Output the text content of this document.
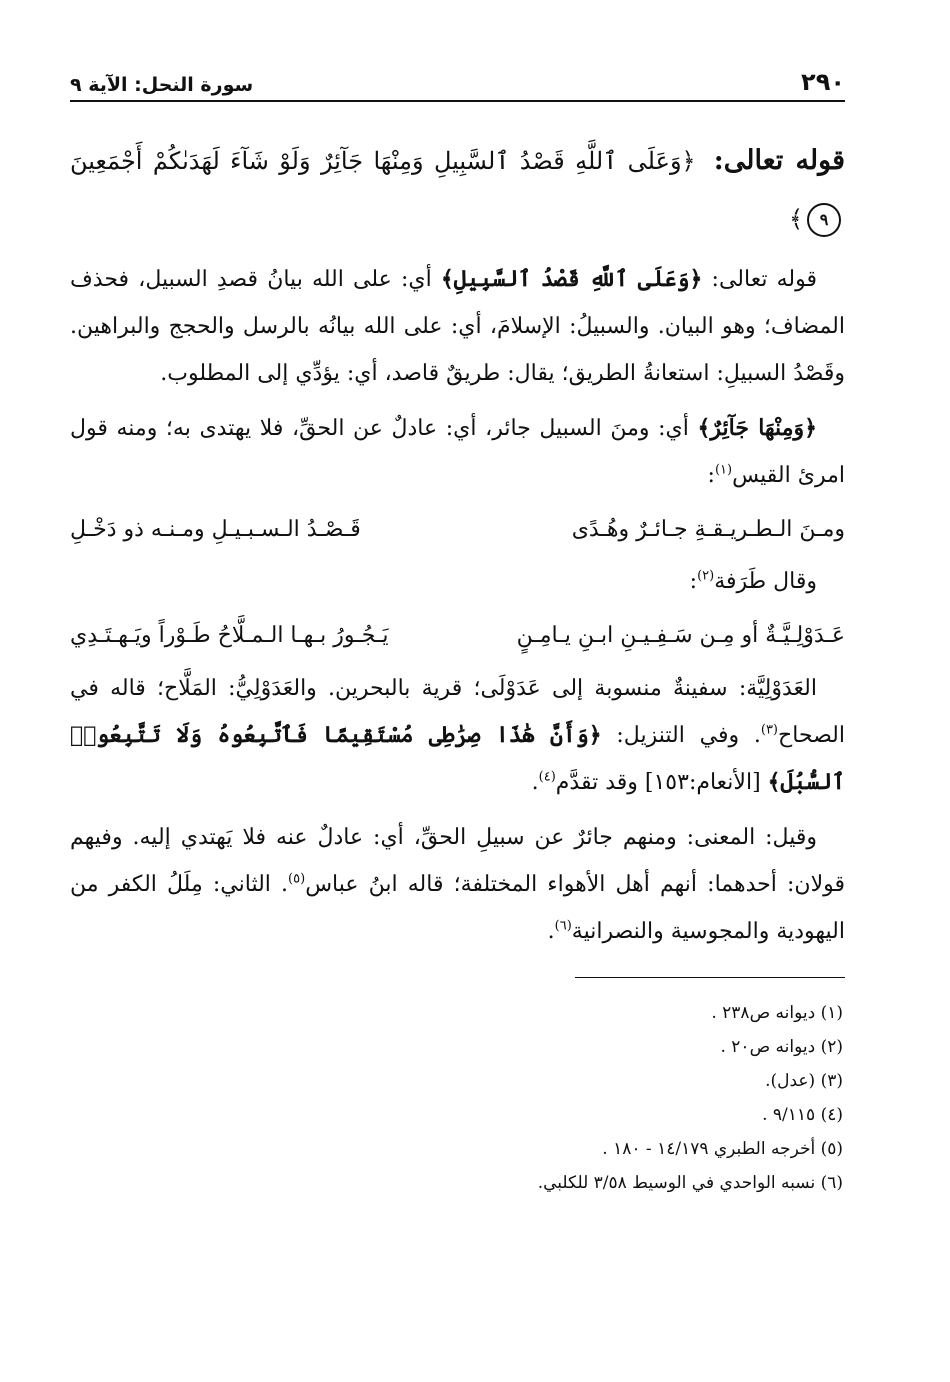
٢٩٠
سورة النحل: الآية ٩
قوله تعالى: ﴿وَعَلَى ٱللَّهِ قَصْدُ ٱلسَّبِيلِ وَمِنْهَا جَآئِرٌ وَلَوْ شَآءَ لَهَدَىٰكُمْ أَجْمَعِينَ ٩﴾

قوله تعالى: ﴿وَعَلَى ٱللَّهِ قَصْدُ ٱلسَّبِيلِ﴾ أي: على الله بيانُ قصدِ السبيل، فحذف المضاف؛ وهو البيان. والسبيلُ: الإسلامَ، أي: على الله بيانُه بالرسل والحجج والبراهين. وقَصْدُ السبيلِ: استعانةُ الطريق؛ يقال: طريقٌ قاصد، أي: يؤدِّي إلى المطلوب.

﴿وَمِنْهَا جَآئِرٌ﴾ أي: ومنَ السبيل جائر، أي: عادلٌ عن الحقِّ، فلا يهتدى به؛ ومنه قول امرئ القيس$^{(١)}$:

ومـنَ الـطـريـقـةِ جـائـرٌ وهُـدًى
قَـصْـدُ الـسـبـيـلِ ومـنـه ذو دَخْـلِ
وقال طَرَفة$^{(٢)}$:
عَـدَوْلِـيَّـةٌ أو مِـن سَـفِـيـنِ ابـنِ يـامِـنٍ
يَـجُـورُ بـهـا الـمـلَّاحُ طَـوْراً ويَـهـتَـدِي

العَدَوْلِيَّة: سفينةٌ منسوبة إلى عَدَوْلَى؛ قرية بالبحرين. والعَدَوْلِيُّ: المَلَّاح؛ قاله في الصحاح$^{(٣)}$. وفي التنزيل: ﴿وَأَنَّ هَٰذَا صِرَٰطِى مُسْتَقِيمًا فَٱتَّبِعُوهُ وَلَا تَتَّبِعُوا۟ ٱلسُّبُلَ﴾ [الأنعام:١٥٣] وقد تقدَّم$^{(٤)}$.

وقيل: المعنى: ومنهم جائرٌ عن سبيلِ الحقِّ، أي: عادلٌ عنه فلا يَهتدي إليه. وفيهم قولان: أحدهما: أنهم أهل الأهواء المختلفة؛ قاله ابنُ عباس$^{(٥)}$. الثاني: مِلَلُ الكفر من اليهودية والمجوسية والنصرانية$^{(٦)}$.

(١) ديوانه ص٢٣٨ .

(٢) ديوانه ص٢٠ .

(٣) (عدل).

(٤) ٩/١١٥ .

(٥) أخرجه الطبري ١٤/١٧٩ - ١٨٠ .

(٦) نسبه الواحدي في الوسيط ٣/٥٨ للكلبي.
